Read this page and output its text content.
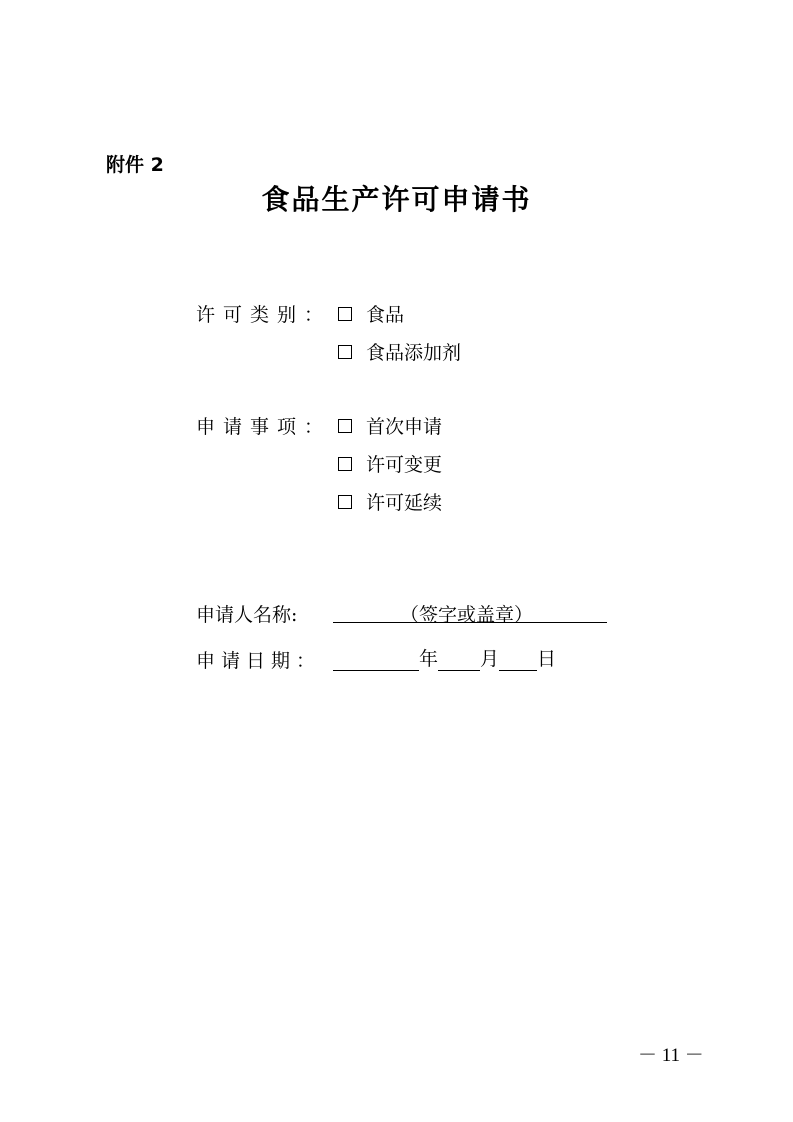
附件 2
食品生产许可申请书
许可类别：	食品
食品添加剂
申请事项：	首次申请
许可变更
许可延续
申请人名称:	（签字或盖章）
申请日期：	年 月 日
－ 11 －
